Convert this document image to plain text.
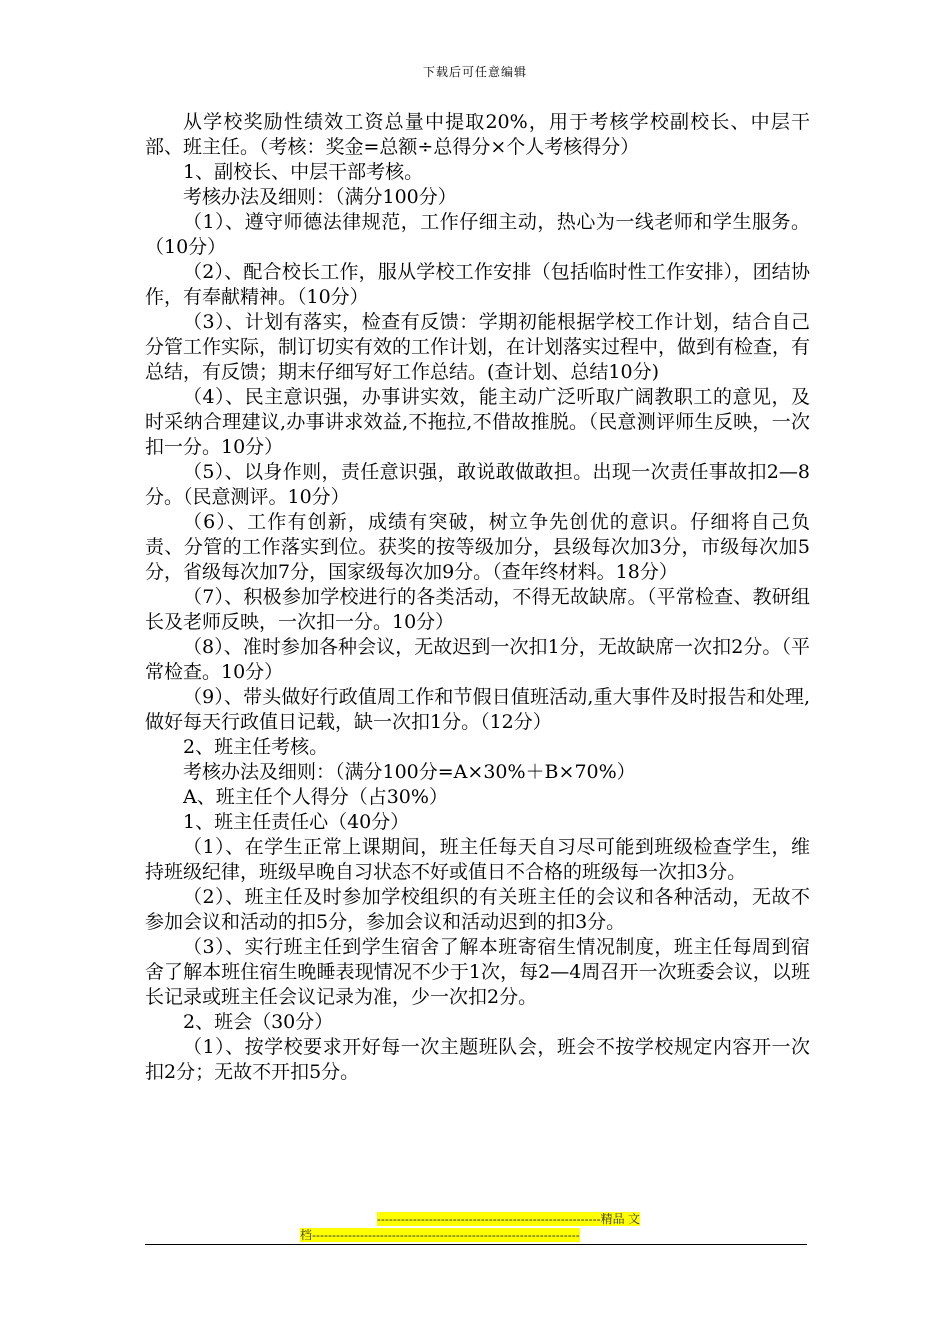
下载后可任意编辑

从学校奖励性绩效工资总量中提取20%，用于考核学校副校长、中层干部、班主任。（考核：奖金=总额÷总得分×个人考核得分）

1、副校长、中层干部考核。

考核办法及细则：（满分100分）

（1）、遵守师德法律规范，工作仔细主动，热心为一线老师和学生服务。（10分）

（2）、配合校长工作，服从学校工作安排（包括临时性工作安排），团结协作，有奉献精神。（10分）

（3）、计划有落实，检查有反馈：学期初能根据学校工作计划，结合自己分管工作实际，制订切实有效的工作计划，在计划落实过程中，做到有检查，有总结，有反馈；期末仔细写好工作总结。(查计划、总结10分)

（4）、民主意识强，办事讲实效，能主动广泛听取广阔教职工的意见，及时采纳合理建议,办事讲求效益,不拖拉,不借故推脱。（民意测评师生反映，一次扣一分。10分）

（5）、以身作则，责任意识强，敢说敢做敢担。出现一次责任事故扣2—8分。（民意测评。10分）

（6）、工作有创新，成绩有突破，树立争先创优的意识。仔细将自己负责、分管的工作落实到位。获奖的按等级加分，县级每次加3分，市级每次加5分，省级每次加7分，国家级每次加9分。（查年终材料。18分）

（7）、积极参加学校进行的各类活动，不得无故缺席。（平常检查、教研组长及老师反映，一次扣一分。10分）

（8）、准时参加各种会议，无故迟到一次扣1分，无故缺席一次扣2分。（平常检查。10分）

（9）、带头做好行政值周工作和节假日值班活动,重大事件及时报告和处理,做好每天行政值日记载，缺一次扣1分。（12分）

2、班主任考核。

考核办法及细则：（满分100分=A×30%＋B×70%）

A、班主任个人得分（占30%）

1、班主任责任心（40分）

（1）、在学生正常上课期间，班主任每天自习尽可能到班级检查学生，维持班级纪律，班级早晚自习状态不好或值日不合格的班级每一次扣3分。

（2）、班主任及时参加学校组织的有关班主任的会议和各种活动，无故不参加会议和活动的扣5分，参加会议和活动迟到的扣3分。

（3）、实行班主任到学生宿舍了解本班寄宿生情况制度，班主任每周到宿舍了解本班住宿生晚睡表现情况不少于1次，每2—4周召开一次班委会议，以班长记录或班主任会议记录为准，少一次扣2分。

2、班会（30分）

（1）、按学校要求开好每一次主题班队会，班会不按学校规定内容开一次扣2分；无故不开扣5分。

--------------------------------------------------------精品 文
档-------------------------------------------------------------------
